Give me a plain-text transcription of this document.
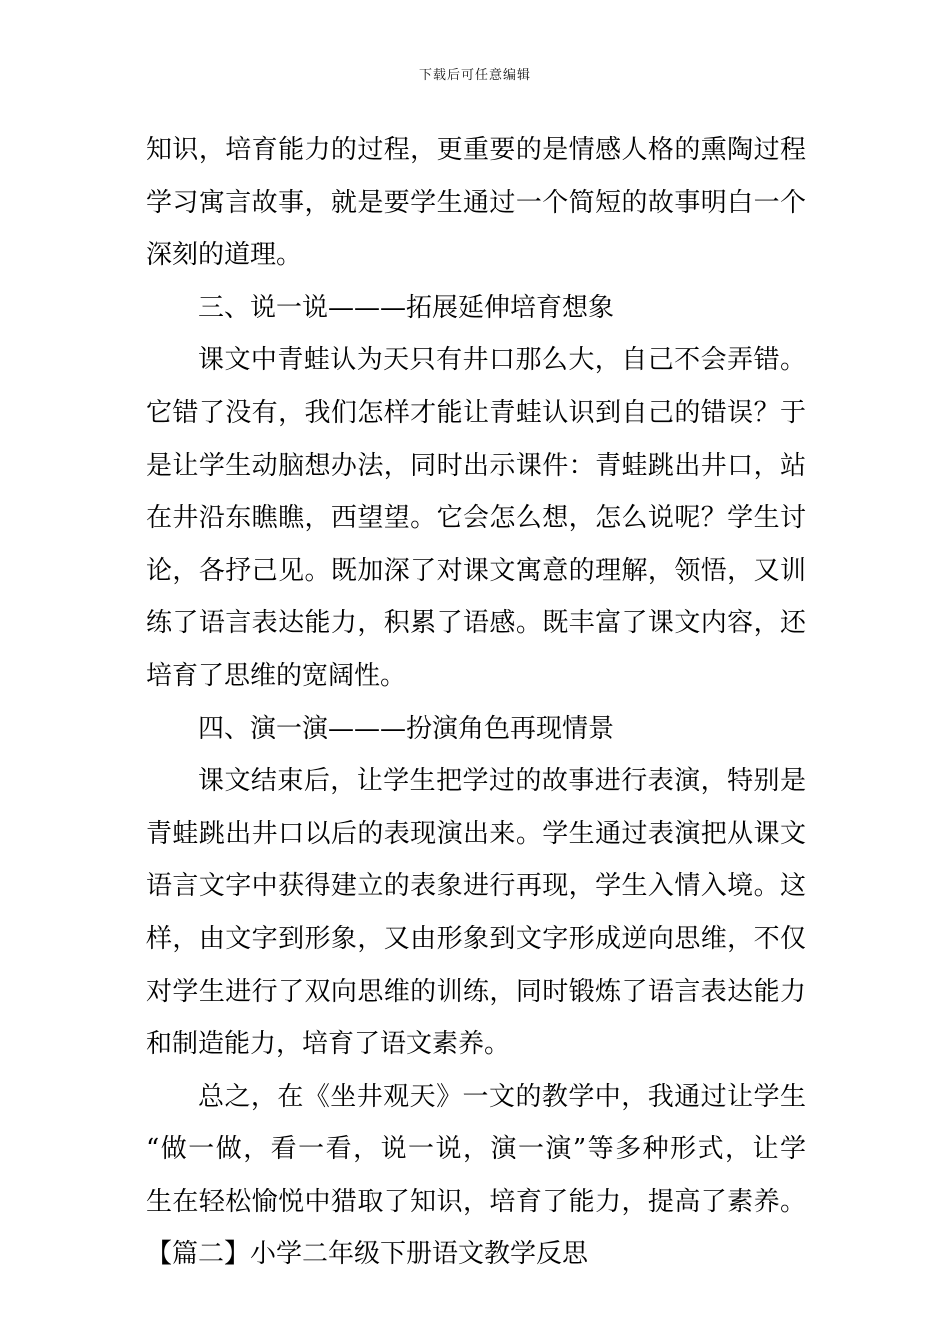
下载后可任意编辑
知识，培育能力的过程，更重要的是情感人格的熏陶过程
学习寓言故事，就是要学生通过一个简短的故事明白一个
深刻的道理。
三、说一说———拓展延伸培育想象
课文中青蛙认为天只有井口那么大，自己不会弄错。
它错了没有，我们怎样才能让青蛙认识到自己的错误？于
是让学生动脑想办法，同时出示课件：青蛙跳出井口，站
在井沿东瞧瞧，西望望。它会怎么想，怎么说呢？学生讨
论，各抒己见。既加深了对课文寓意的理解，领悟，又训
练了语言表达能力，积累了语感。既丰富了课文内容，还
培育了思维的宽阔性。
四、演一演———扮演角色再现情景
课文结束后，让学生把学过的故事进行表演，特别是
青蛙跳出井口以后的表现演出来。学生通过表演把从课文
语言文字中获得建立的表象进行再现，学生入情入境。这
样，由文字到形象，又由形象到文字形成逆向思维，不仅
对学生进行了双向思维的训练，同时锻炼了语言表达能力
和制造能力，培育了语文素养。
总之，在《坐井观天》一文的教学中，我通过让学生
“做一做，看一看，说一说，演一演”等多种形式，让学
生在轻松愉悦中猎取了知识，培育了能力，提高了素养。
【篇二】小学二年级下册语文教学反思
